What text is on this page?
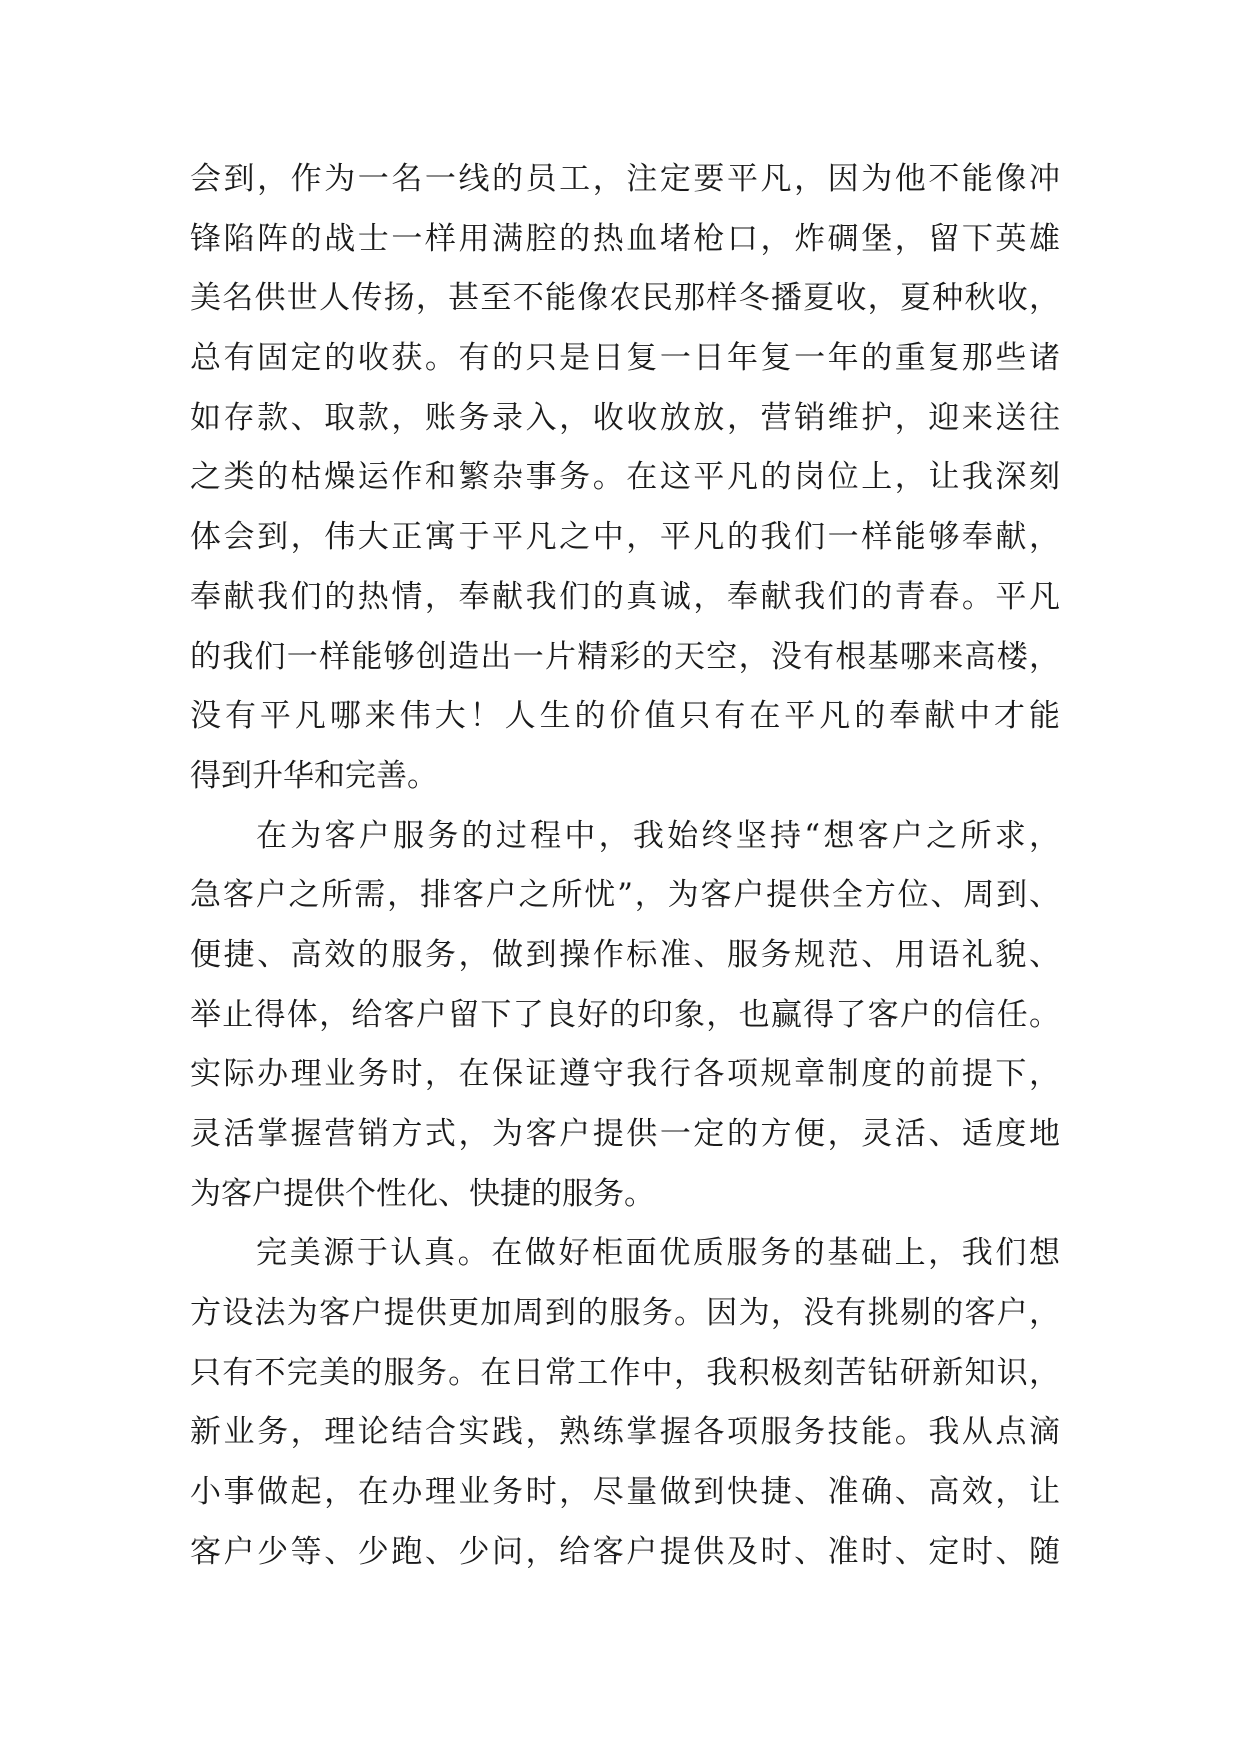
会到，作为一名一线的员工，注定要平凡，因为他不能像冲
锋陷阵的战士一样用满腔的热血堵枪口，炸碉堡，留下英雄
美名供世人传扬，甚至不能像农民那样冬播夏收，夏种秋收，
总有固定的收获。有的只是日复一日年复一年的重复那些诸
如存款、取款，账务录入，收收放放，营销维护，迎来送往
之类的枯燥运作和繁杂事务。在这平凡的岗位上，让我深刻
体会到，伟大正寓于平凡之中，平凡的我们一样能够奉献，
奉献我们的热情，奉献我们的真诚，奉献我们的青春。平凡
的我们一样能够创造出一片精彩的天空，没有根基哪来高楼，
没有平凡哪来伟大！人生的价值只有在平凡的奉献中才能
得到升华和完善。
在为客户服务的过程中，我始终坚持“想客户之所求，
急客户之所需，排客户之所忧”，为客户提供全方位、周到、
便捷、高效的服务，做到操作标准、服务规范、用语礼貌、
举止得体，给客户留下了良好的印象，也赢得了客户的信任。
实际办理业务时，在保证遵守我行各项规章制度的前提下，
灵活掌握营销方式，为客户提供一定的方便，灵活、适度地
为客户提供个性化、快捷的服务。
完美源于认真。在做好柜面优质服务的基础上，我们想
方设法为客户提供更加周到的服务。因为，没有挑剔的客户，
只有不完美的服务。在日常工作中，我积极刻苦钻研新知识，
新业务，理论结合实践，熟练掌握各项服务技能。我从点滴
小事做起，在办理业务时，尽量做到快捷、准确、高效，让
客户少等、少跑、少问，给客户提供及时、准时、定时、随
